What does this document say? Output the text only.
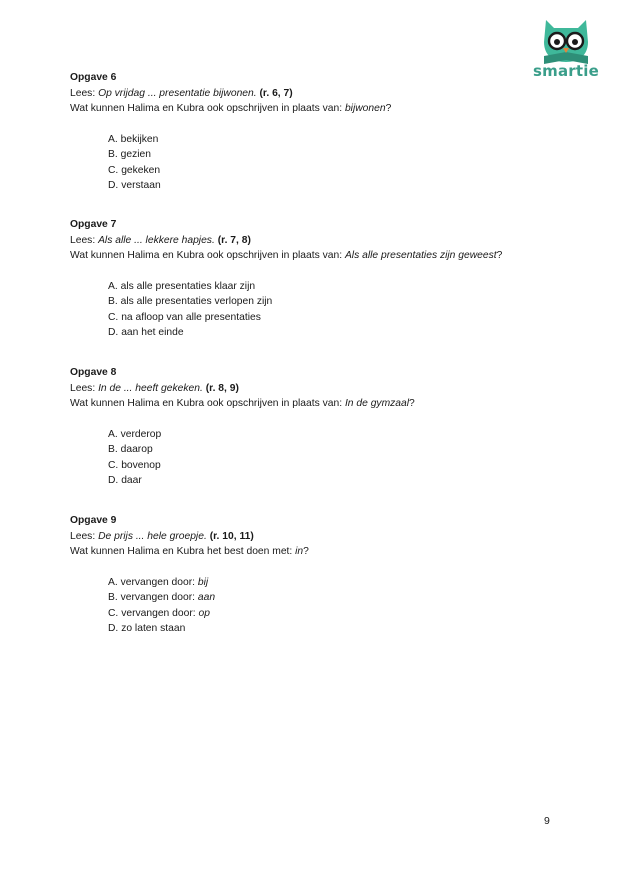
smartie
Opgave 6
Lees: Op vrijdag ... presentatie bijwonen. (r. 6, 7)
Wat kunnen Halima en Kubra ook opschrijven in plaats van: bijwonen?
A. bekijken
B. gezien
C. gekeken
D. verstaan
Opgave 7
Lees: Als alle ... lekkere hapjes. (r. 7, 8)
Wat kunnen Halima en Kubra ook opschrijven in plaats van: Als alle presentaties zijn geweest?
A. als alle presentaties klaar zijn
B. als alle presentaties verlopen zijn
C. na afloop van alle presentaties
D. aan het einde
Opgave 8
Lees: In de ... heeft gekeken. (r. 8, 9)
Wat kunnen Halima en Kubra ook opschrijven in plaats van: In de gymzaal?
A. verderop
B. daarop
C. bovenop
D. daar
Opgave 9
Lees: De prijs ... hele groepje. (r. 10, 11)
Wat kunnen Halima en Kubra het best doen met: in?
A. vervangen door: bij
B. vervangen door: aan
C. vervangen door: op
D. zo laten staan
9
